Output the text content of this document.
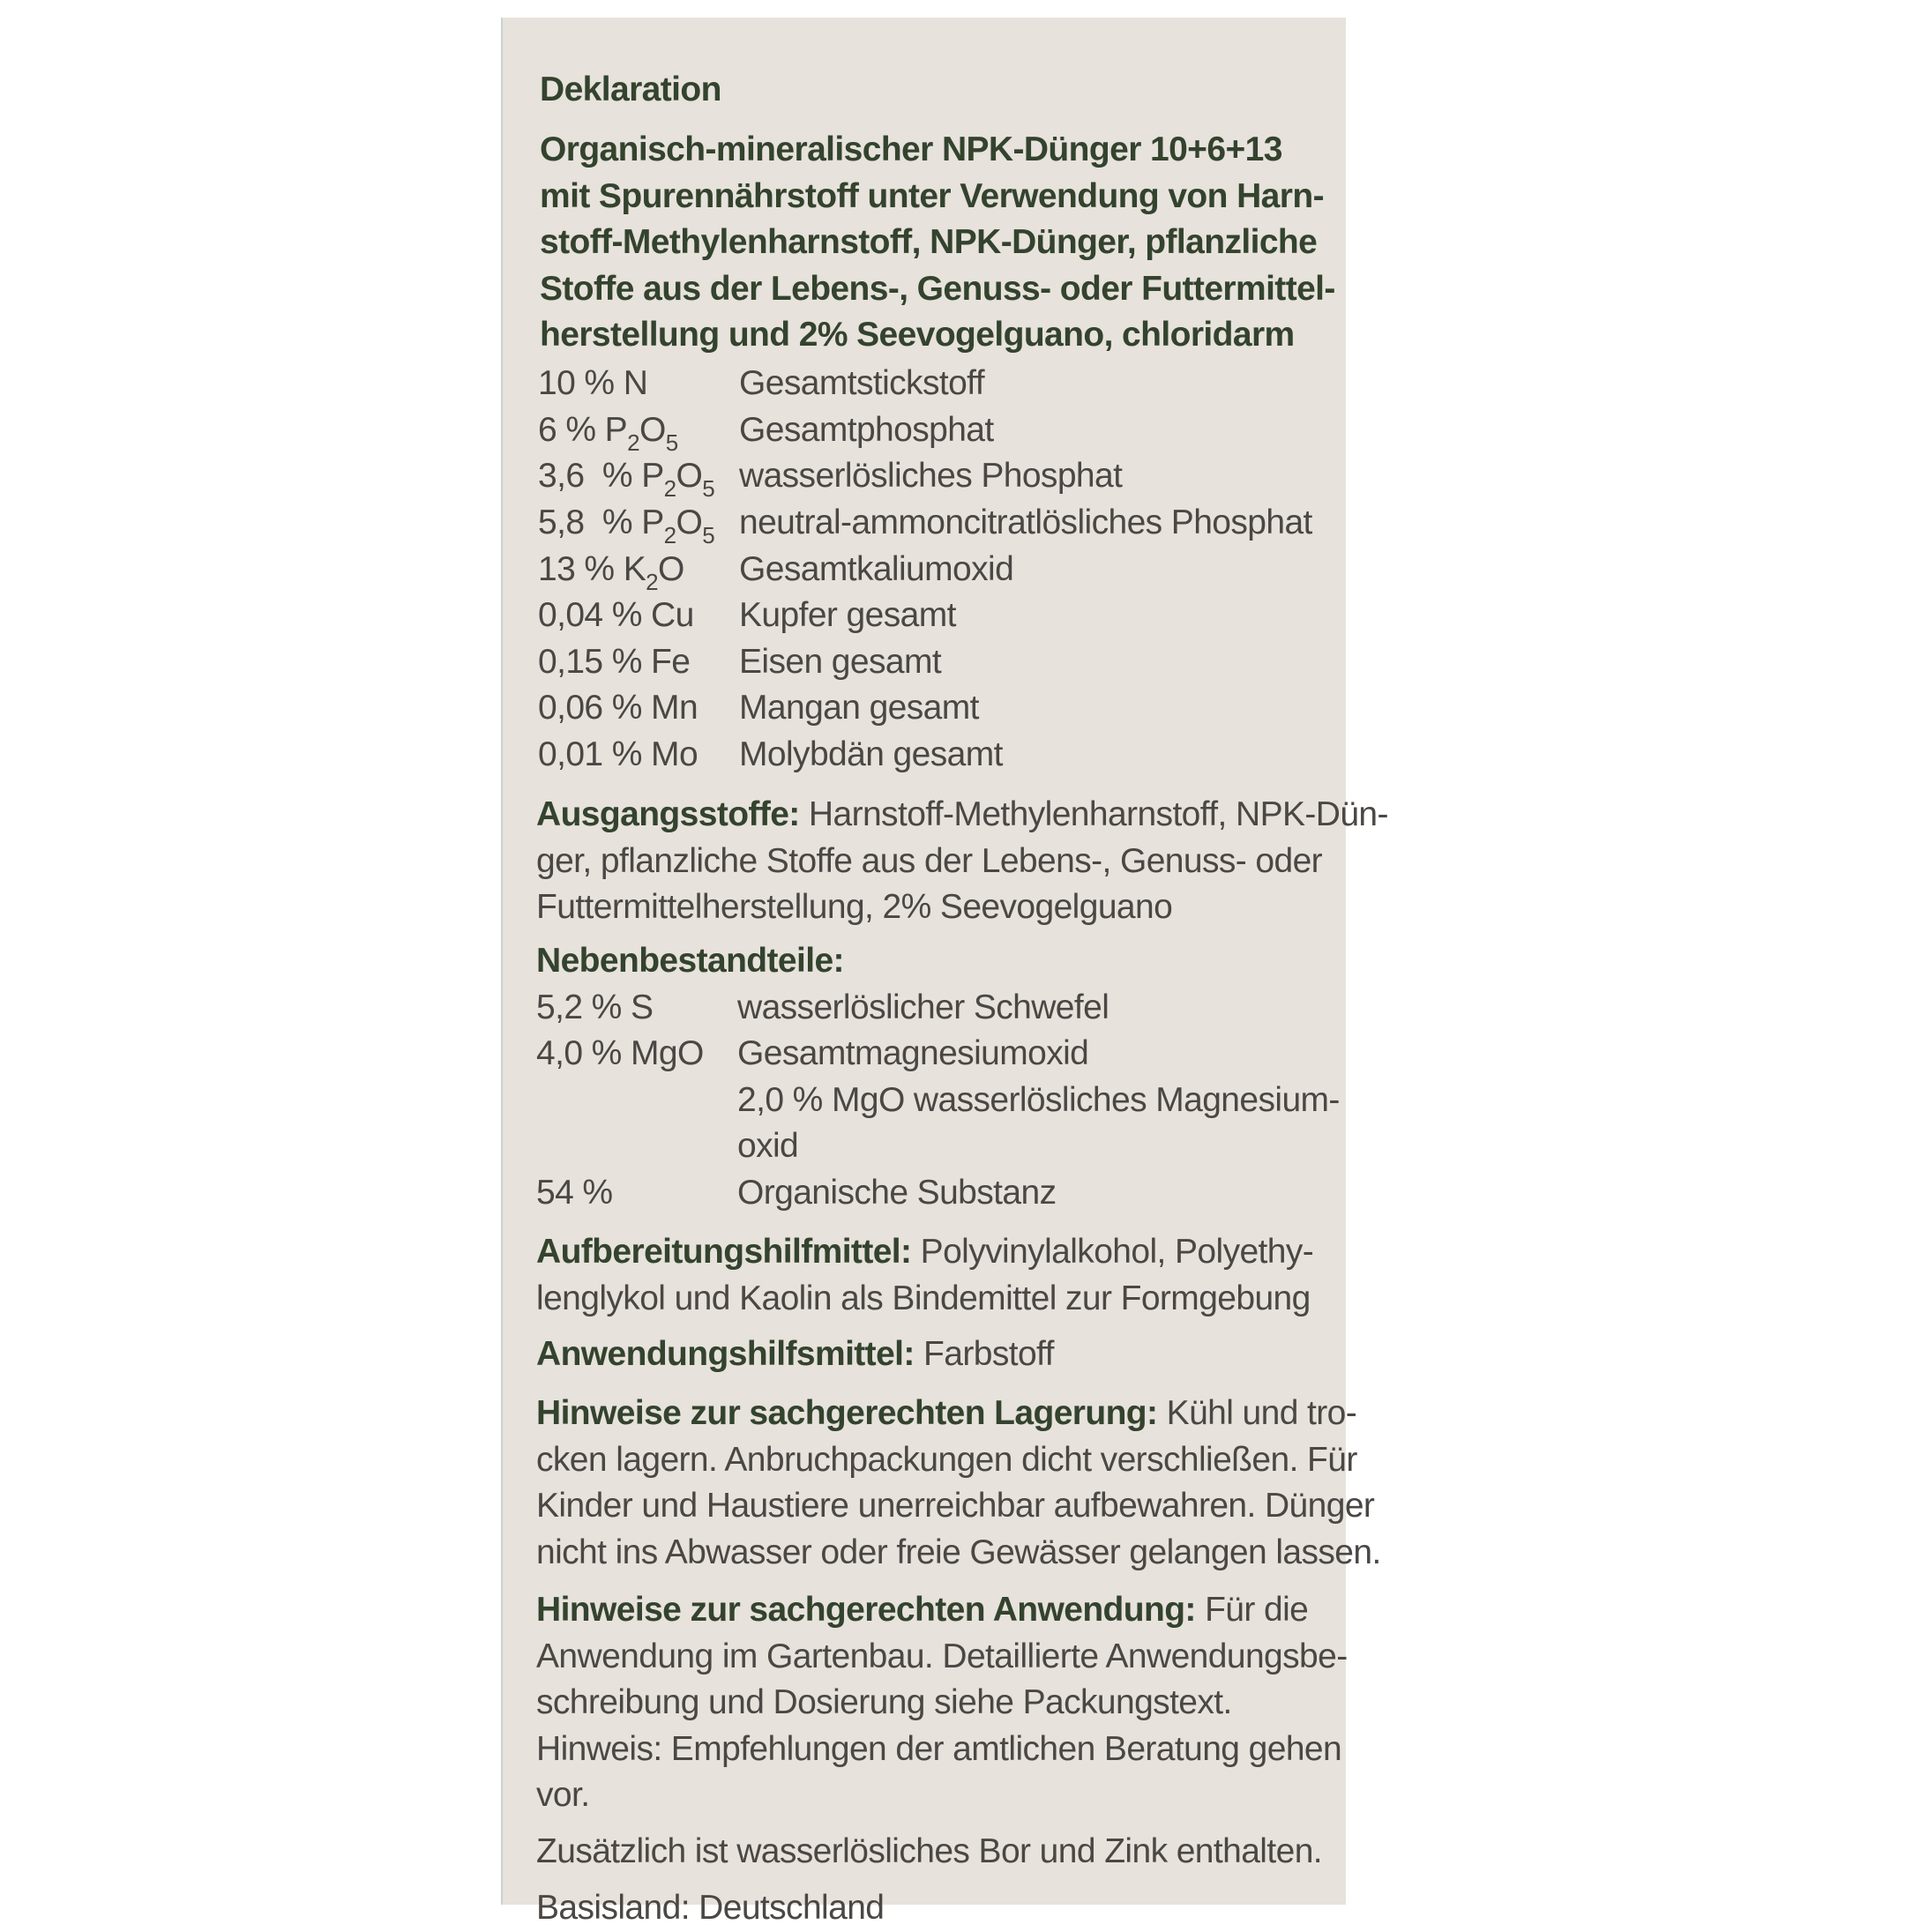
Deklaration
Organisch-mineralischer NPK-Dünger 10+6+13
mit Spurennährstoff unter Verwendung von Harn-
stoff-Methylenharnstoff, NPK-Dünger, pflanzliche
Stoffe aus der Lebens-, Genuss- oder Futtermittel-
herstellung und 2% Seevogelguano, chloridarm
10 % N	Gesamtstickstoff
6 % $P_2O_5$ Gesamtphosphat
3,6  % $P_2O_5$ wasserlösliches Phosphat
5,8  % $P_2O_5$ neutral-ammoncitratlösliches Phosphat
13 % $K_2O$ Gesamtkaliumoxid
0,04 % Cu Kupfer gesamt
0,15 % Fe Eisen gesamt
0,06 % Mn Mangan gesamt
0,01 % Mo Molybdän gesamt
Ausgangsstoffe: Harnstoff-Methylenharnstoff, NPK-Dün-
ger, pflanzliche Stoffe aus der Lebens-, Genuss- oder
Futtermittelherstellung, 2% Seevogelguano
Nebenbestandteile:
5,2 % S wasserlöslicher Schwefel
4,0 % MgO Gesamtmagnesiumoxid
2,0 % MgO wasserlösliches Magnesium-
oxid
54 %	Organische Substanz
Aufbereitungshilfmittel: Polyvinylalkohol, Polyethy-
lenglykol und Kaolin als Bindemittel zur Formgebung
Anwendungshilfsmittel: Farbstoff
Hinweise zur sachgerechten Lagerung: Kühl und tro-
cken lagern. Anbruchpackungen dicht verschließen. Für
Kinder und Haustiere unerreichbar aufbewahren. Dünger
nicht ins Abwasser oder freie Gewässer gelangen lassen.
Hinweise zur sachgerechten Anwendung: Für die
Anwendung im Gartenbau. Detaillierte Anwendungsbe-
schreibung und Dosierung siehe Packungstext.
Hinweis: Empfehlungen der amtlichen Beratung gehen
vor.
Zusätzlich ist wasserlösliches Bor und Zink enthalten.
Basisland: Deutschland
